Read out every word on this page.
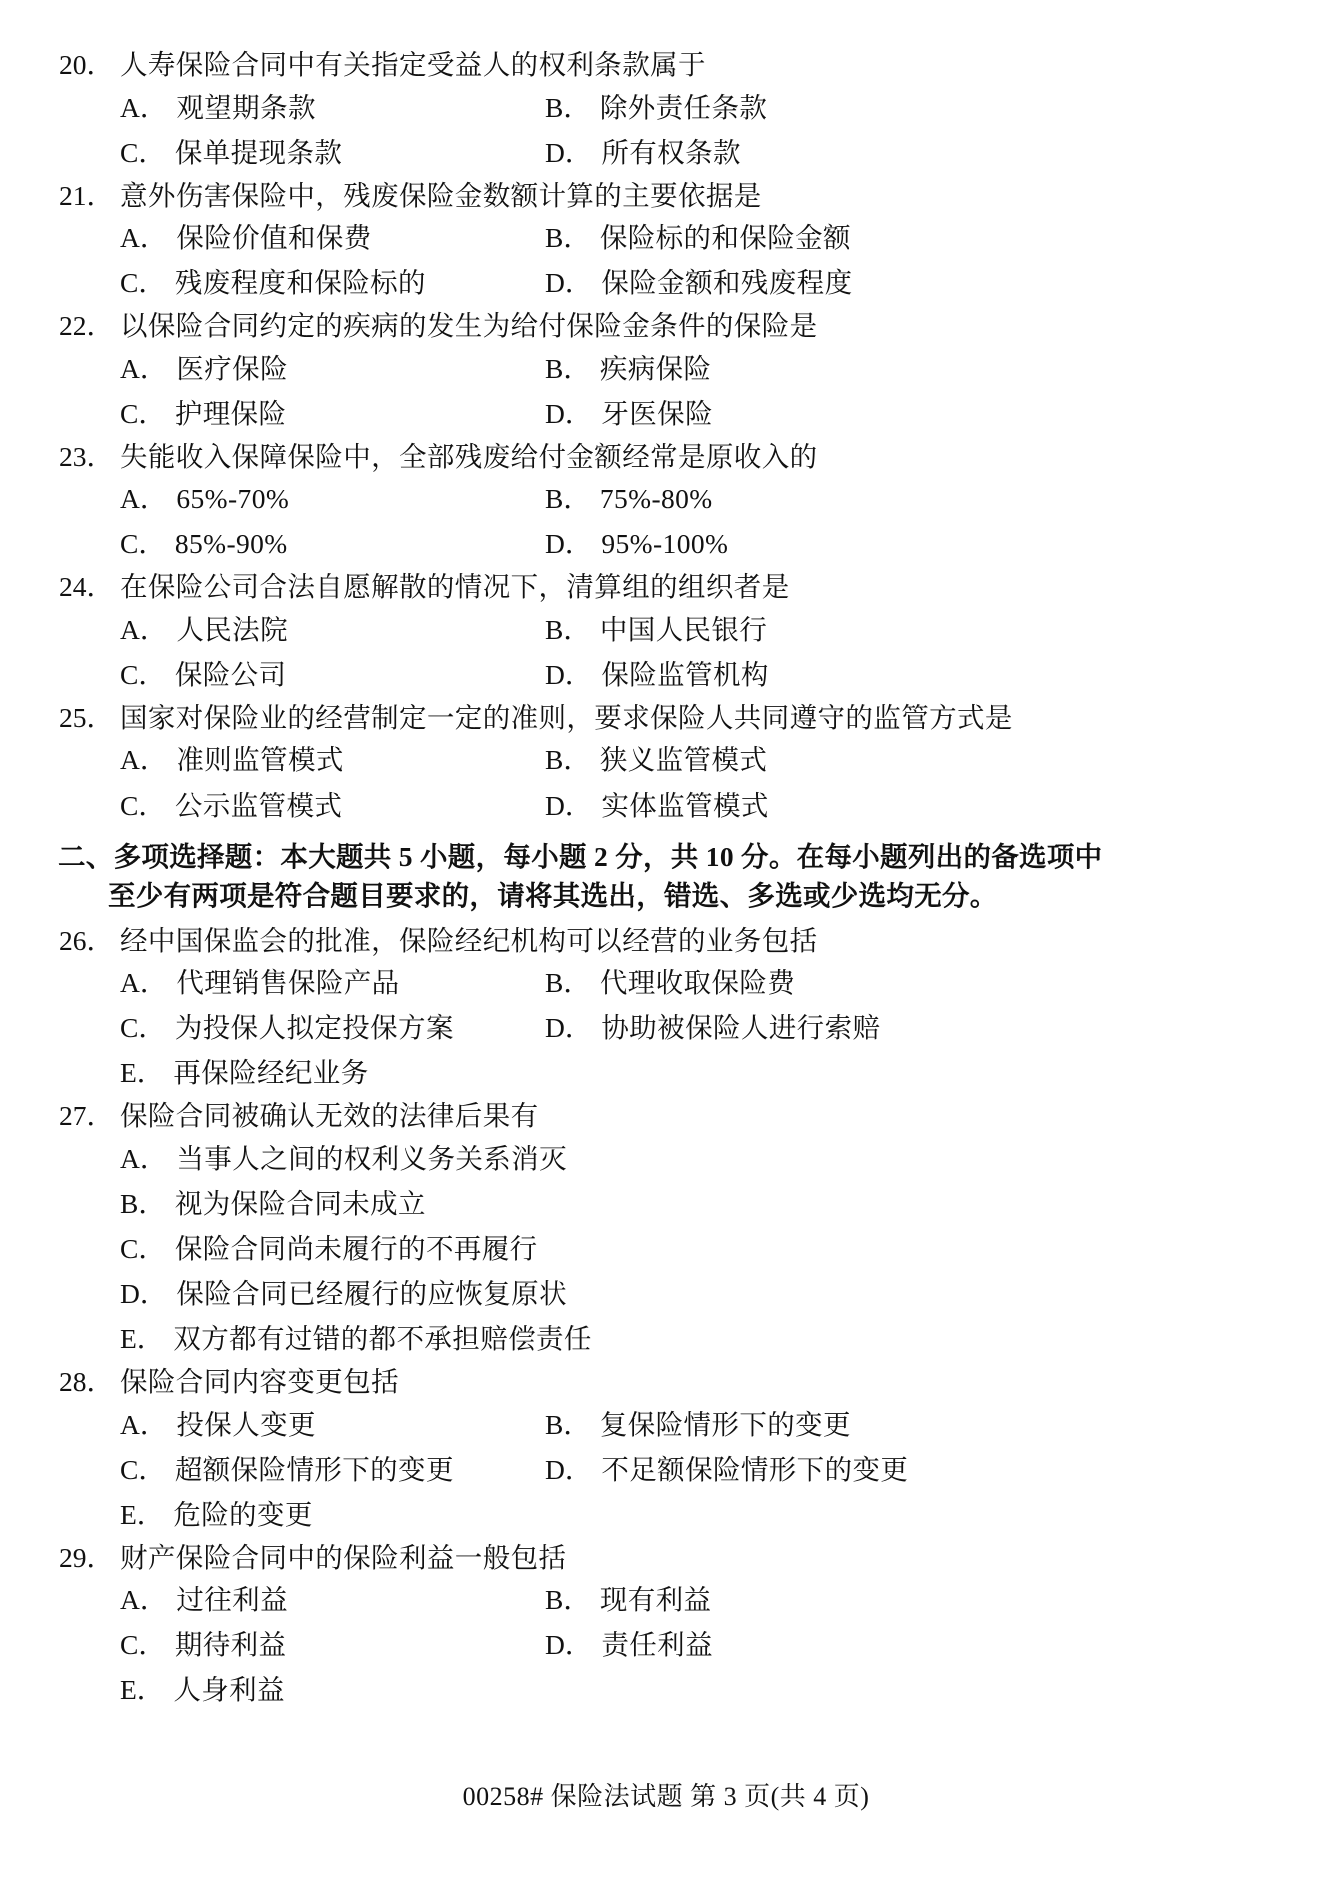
20． 人寿保险合同中有关指定受益人的权利条款属于
A． 观望期条款	B． 除外责任条款
C． 保单提现条款	D． 所有权条款
21． 意外伤害保险中，残废保险金数额计算的主要依据是
A． 保险价值和保费	B． 保险标的和保险金额
C． 残废程度和保险标的	D． 保险金额和残废程度
22． 以保险合同约定的疾病的发生为给付保险金条件的保险是
A． 医疗保险	B． 疾病保险
C． 护理保险	D． 牙医保险
23． 失能收入保障保险中，全部残废给付金额经常是原收入的
A． 65%-70%	B． 75%-80%
C． 85%-90%	D． 95%-100%
24． 在保险公司合法自愿解散的情况下，清算组的组织者是
A． 人民法院	B． 中国人民银行
C． 保险公司	D． 保险监管机构
25． 国家对保险业的经营制定一定的准则，要求保险人共同遵守的监管方式是
A． 准则监管模式	B． 狭义监管模式
C． 公示监管模式	D． 实体监管模式
二、多项选择题：本大题共 5 小题，每小题 2 分，共 10 分。在每小题列出的备选项中
至少有两项是符合题目要求的，请将其选出，错选、多选或少选均无分。
26． 经中国保监会的批准，保险经纪机构可以经营的业务包括
A． 代理销售保险产品	B． 代理收取保险费
C． 为投保人拟定投保方案	D． 协助被保险人进行索赔
E． 再保险经纪业务
27． 保险合同被确认无效的法律后果有
A． 当事人之间的权利义务关系消灭
B． 视为保险合同未成立
C． 保险合同尚未履行的不再履行
D． 保险合同已经履行的应恢复原状
E． 双方都有过错的都不承担赔偿责任
28． 保险合同内容变更包括
A． 投保人变更	B． 复保险情形下的变更
C． 超额保险情形下的变更	D． 不足额保险情形下的变更
E． 危险的变更
29． 财产保险合同中的保险利益一般包括
A． 过往利益	B． 现有利益
C． 期待利益	D． 责任利益
E． 人身利益
00258# 保险法试题 第 3 页(共 4 页)
